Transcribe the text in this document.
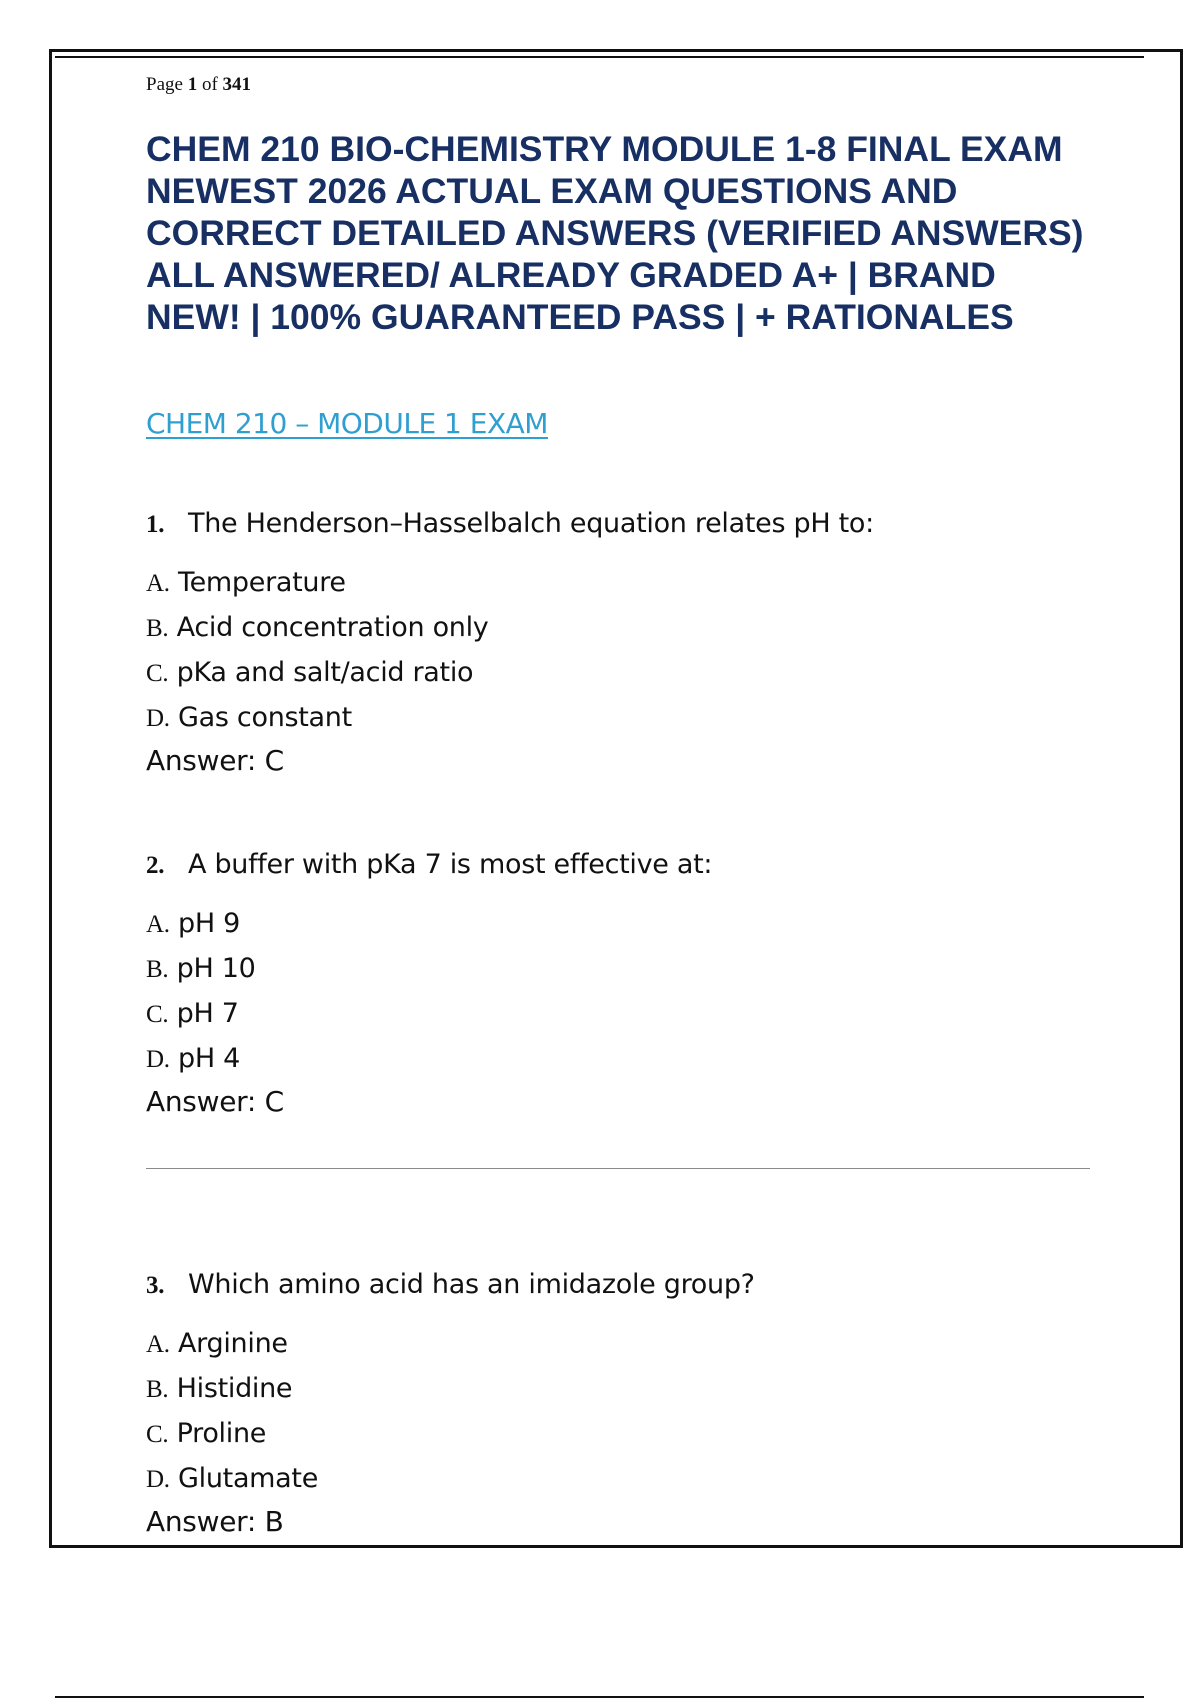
Page 1 of 341

CHEM 210 BIO-CHEMISTRY MODULE 1-8 FINAL EXAM
NEWEST 2026 ACTUAL EXAM QUESTIONS AND
CORRECT DETAILED ANSWERS (VERIFIED ANSWERS)
ALL ANSWERED/ ALREADY GRADED A+ | BRAND
NEW! | 100% GUARANTEED PASS | + RATIONALES
CHEM 210 – MODULE 1 EXAM

1. The Henderson–Hasselbalch equation relates pH to:

A. Temperature
B. Acid concentration only
C. pKa and salt/acid ratio
D. Gas constant

Answer: C

2. A buffer with pKa 7 is most effective at:

A. pH 9
B. pH 10
C. pH 7
D. pH 4

Answer: C

3. Which amino acid has an imidazole group?

A. Arginine
B. Histidine
C. Proline
D. Glutamate

Answer: B
